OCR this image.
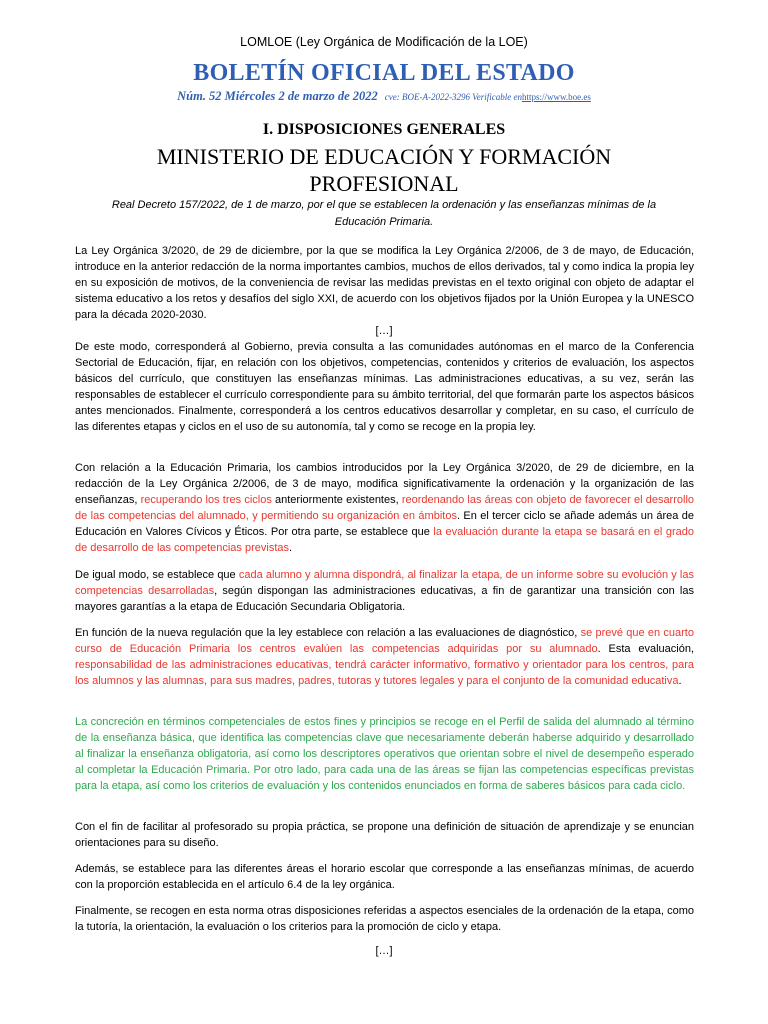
LOMLOE (Ley Orgánica de Modificación de la LOE)
BOLETÍN OFICIAL DEL ESTADO
Núm. 52 Miércoles 2 de marzo de 2022 cve: BOE-A-2022-3296 Verificable enhttps://www.boe.es
I. DISPOSICIONES GENERALES
MINISTERIO DE EDUCACIÓN Y FORMACIÓN
PROFESIONAL
Real Decreto 157/2022, de 1 de marzo, por el que se establecen la ordenación y las enseñanzas mínimas de la
Educación Primaria.
La Ley Orgánica 3/2020, de 29 de diciembre, por la que se modifica la Ley Orgánica 2/2006, de 3 de mayo, de Educación, introduce en la anterior redacción de la norma importantes cambios, muchos de ellos derivados, tal y como indica la propia ley en su exposición de motivos, de la conveniencia de revisar las medidas previstas en el texto original con objeto de adaptar el sistema educativo a los retos y desafíos del siglo XXI, de acuerdo con los objetivos fijados por la Unión Europea y la UNESCO para la década 2020-2030.
[…]
De este modo, corresponderá al Gobierno, previa consulta a las comunidades autónomas en el marco de la Conferencia Sectorial de Educación, fijar, en relación con los objetivos, competencias, contenidos y criterios de evaluación, los aspectos básicos del currículo, que constituyen las enseñanzas mínimas. Las administraciones educativas, a su vez, serán las responsables de establecer el currículo correspondiente para su ámbito territorial, del que formarán parte los aspectos básicos antes mencionados. Finalmente, corresponderá a los centros educativos desarrollar y completar, en su caso, el currículo de las diferentes etapas y ciclos en el uso de su autonomía, tal y como se recoge en la propia ley.
Con relación a la Educación Primaria, los cambios introducidos por la Ley Orgánica 3/2020, de 29 de diciembre, en la redacción de la Ley Orgánica 2/2006, de 3 de mayo, modifica significativamente la ordenación y la organización de las enseñanzas, recuperando los tres ciclos anteriormente existentes, reordenando las áreas con objeto de favorecer el desarrollo de las competencias del alumnado, y permitiendo su organización en ámbitos. En el tercer ciclo se añade además un área de Educación en Valores Cívicos y Éticos. Por otra parte, se establece que la evaluación durante la etapa se basará en el grado de desarrollo de las competencias previstas.
De igual modo, se establece que cada alumno y alumna dispondrá, al finalizar la etapa, de un informe sobre su evolución y las competencias desarrolladas, según dispongan las administraciones educativas, a fin de garantizar una transición con las mayores garantías a la etapa de Educación Secundaria Obligatoria.
En función de la nueva regulación que la ley establece con relación a las evaluaciones de diagnóstico, se prevé que en cuarto curso de Educación Primaria los centros evalúen las competencias adquiridas por su alumnado. Esta evaluación, responsabilidad de las administraciones educativas, tendrá carácter informativo, formativo y orientador para los centros, para los alumnos y las alumnas, para sus madres, padres, tutoras y tutores legales y para el conjunto de la comunidad educativa.
La concreción en términos competenciales de estos fines y principios se recoge en el Perfil de salida del alumnado al término de la enseñanza básica, que identifica las competencias clave que necesariamente deberán haberse adquirido y desarrollado al finalizar la enseñanza obligatoria, así como los descriptores operativos que orientan sobre el nivel de desempeño esperado al completar la Educación Primaria. Por otro lado, para cada una de las áreas se fijan las competencias específicas previstas para la etapa, así como los criterios de evaluación y los contenidos enunciados en forma de saberes básicos para cada ciclo.
Con el fin de facilitar al profesorado su propia práctica, se propone una definición de situación de aprendizaje y se enuncian orientaciones para su diseño.
Además, se establece para las diferentes áreas el horario escolar que corresponde a las enseñanzas mínimas, de acuerdo con la proporción establecida en el artículo 6.4 de la ley orgánica.
Finalmente, se recogen en esta norma otras disposiciones referidas a aspectos esenciales de la ordenación de la etapa, como la tutoría, la orientación, la evaluación o los criterios para la promoción de ciclo y etapa.
[…]
